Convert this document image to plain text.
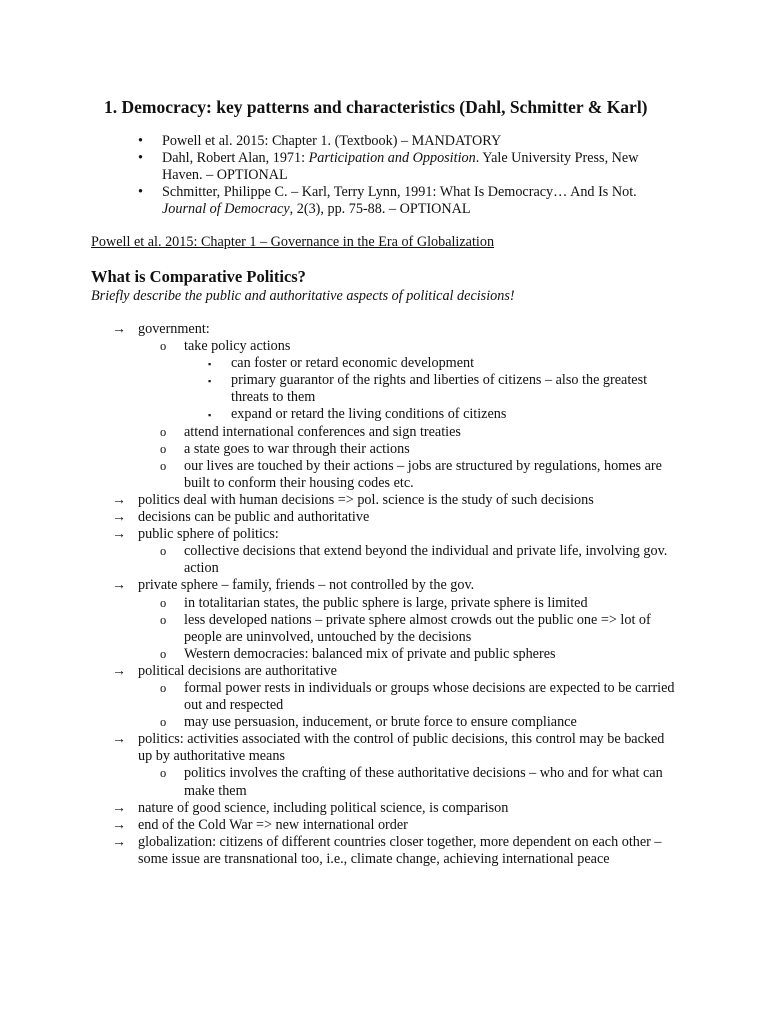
1. Democracy: key patterns and characteristics (Dahl, Schmitter & Karl)
• Powell et al. 2015: Chapter 1. (Textbook) – MANDATORY
• Dahl, Robert Alan, 1971: Participation and Opposition. Yale University Press, New Haven. – OPTIONAL
• Schmitter, Philippe C. – Karl, Terry Lynn, 1991: What Is Democracy… And Is Not. Journal of Democracy, 2(3), pp. 75-88. – OPTIONAL
Powell et al. 2015: Chapter 1 – Governance in the Era of Globalization
What is Comparative Politics?
Briefly describe the public and authoritative aspects of political decisions!
→ government:
o take policy actions
▪ can foster or retard economic development
▪ primary guarantor of the rights and liberties of citizens – also the greatest threats to them
▪ expand or retard the living conditions of citizens
o attend international conferences and sign treaties
o a state goes to war through their actions
o our lives are touched by their actions – jobs are structured by regulations, homes are built to conform their housing codes etc.
→ politics deal with human decisions => pol. science is the study of such decisions
→ decisions can be public and authoritative
→ public sphere of politics:
o collective decisions that extend beyond the individual and private life, involving gov. action
→ private sphere – family, friends – not controlled by the gov.
o in totalitarian states, the public sphere is large, private sphere is limited
o less developed nations – private sphere almost crowds out the public one => lot of people are uninvolved, untouched by the decisions
o Western democracies: balanced mix of private and public spheres
→ political decisions are authoritative
o formal power rests in individuals or groups whose decisions are expected to be carried out and respected
o may use persuasion, inducement, or brute force to ensure compliance
→ politics: activities associated with the control of public decisions, this control may be backed up by authoritative means
o politics involves the crafting of these authoritative decisions – who and for what can make them
→ nature of good science, including political science, is comparison
→ end of the Cold War => new international order
→ globalization: citizens of different countries closer together, more dependent on each other – some issue are transnational too, i.e., climate change, achieving international peace
